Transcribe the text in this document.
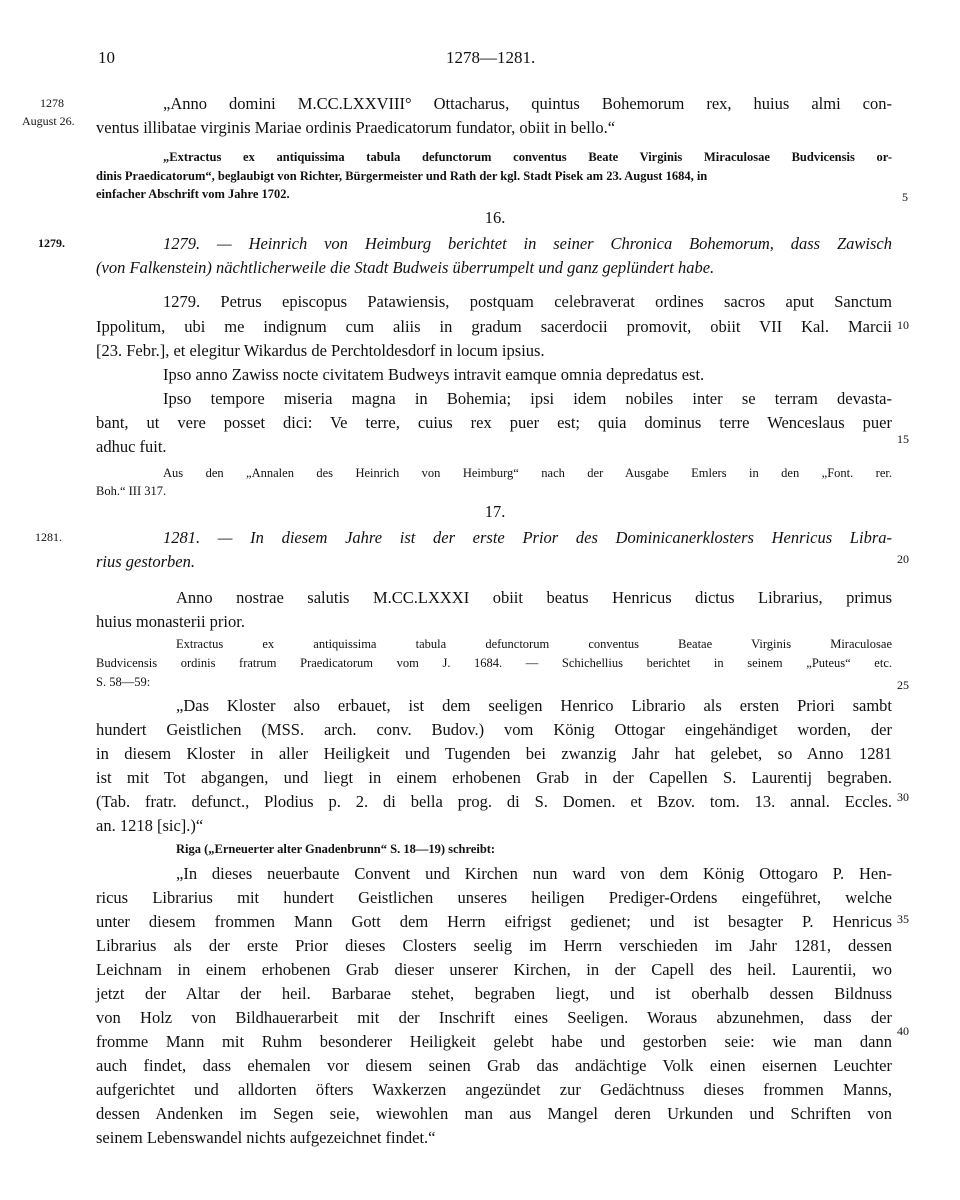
10	1278—1281.
1278
August 26.
1279.
1281.
5
10
15
20
25
30
35
40
„Anno domini M.CC.LXXVIII° Ottacharus, quintus Bohemorum rex, huius almi con-
ventus illibatae virginis Mariae ordinis Praedicatorum fundator, obiit in bello.“
„Extractus ex antiquissima tabula defunctorum conventus Beate Virginis Miraculosae Budvicensis or-
dinis Praedicatorum“, beglaubigt von Richter, Bürgermeister und Rath der kgl. Stadt Pisek am 23. August 1684, in
einfacher Abschrift vom Jahre 1702.
16.
1279. — Heinrich von Heimburg berichtet in seiner Chronica Bohemorum, dass Zawisch
(von Falkenstein) nächtlicherweile die Stadt Budweis überrumpelt und ganz geplündert habe.
1279. Petrus episcopus Patawiensis, postquam celebraverat ordines sacros aput Sanctum
Ippolitum, ubi me indignum cum aliis in gradum sacerdocii promovit, obiit VII Kal. Marcii
[23. Febr.], et elegitur Wikardus de Perchtoldesdorf in locum ipsius.
Ipso anno Zawiss nocte civitatem Budweys intravit eamque omnia depredatus est.
Ipso tempore miseria magna in Bohemia; ipsi idem nobiles inter se terram devasta-
bant, ut vere posset dici: Ve terre, cuius rex puer est; quia dominus terre Wenceslaus puer
adhuc fuit.
Aus den „Annalen des Heinrich von Heimburg“ nach der Ausgabe Emlers in den „Font. rer.
Boh.“ III 317.
17.
1281. — In diesem Jahre ist der erste Prior des Dominicanerklosters Henricus Libra-
rius gestorben.
Anno nostrae salutis M.CC.LXXXI obiit beatus Henricus dictus Librarius, primus
huius monasterii prior.
Extractus ex antiquissima tabula defunctorum conventus Beatae Virginis Miraculosae
Budvicensis ordinis fratrum Praedicatorum vom J. 1684. — Schichellius berichtet in seinem „Puteus“ etc.
S. 58—59:
„Das Kloster also erbauet, ist dem seeligen Henrico Librario als ersten Priori sambt
hundert Geistlichen (MSS. arch. conv. Budov.) vom König Ottogar eingehändiget worden, der
in diesem Kloster in aller Heiligkeit und Tugenden bei zwanzig Jahr hat gelebet, so Anno 1281
ist mit Tot abgangen, und liegt in einem erhobenen Grab in der Capellen S. Laurentij begraben.
(Tab. fratr. defunct., Plodius p. 2. di bella prog. di S. Domen. et Bzov. tom. 13. annal. Eccles.
an. 1218 [sic].)“
Riga („Erneuerter alter Gnadenbrunn“ S. 18—19) schreibt:
„In dieses neuerbaute Convent und Kirchen nun ward von dem König Ottogaro P. Hen-
ricus Librarius mit hundert Geistlichen unseres heiligen Prediger-Ordens eingeführet, welche
unter diesem frommen Mann Gott dem Herrn eifrigst gedienet; und ist besagter P. Henricus
Librarius als der erste Prior dieses Closters seelig im Herrn verschieden im Jahr 1281, dessen
Leichnam in einem erhobenen Grab dieser unserer Kirchen, in der Capell des heil. Laurentii, wo
jetzt der Altar der heil. Barbarae stehet, begraben liegt, und ist oberhalb dessen Bildnuss
von Holz von Bildhauerarbeit mit der Inschrift eines Seeligen. Woraus abzunehmen, dass der
fromme Mann mit Ruhm besonderer Heiligkeit gelebt habe und gestorben seie: wie man dann
auch findet, dass ehemalen vor diesem seinen Grab das andächtige Volk einen eisernen Leuchter
aufgerichtet und alldorten öfters Waxkerzen angezündet zur Gedächtnuss dieses frommen Manns,
dessen Andenken im Segen seie, wiewohlen man aus Mangel deren Urkunden und Schriften von
seinem Lebenswandel nichts aufgezeichnet findet.“
